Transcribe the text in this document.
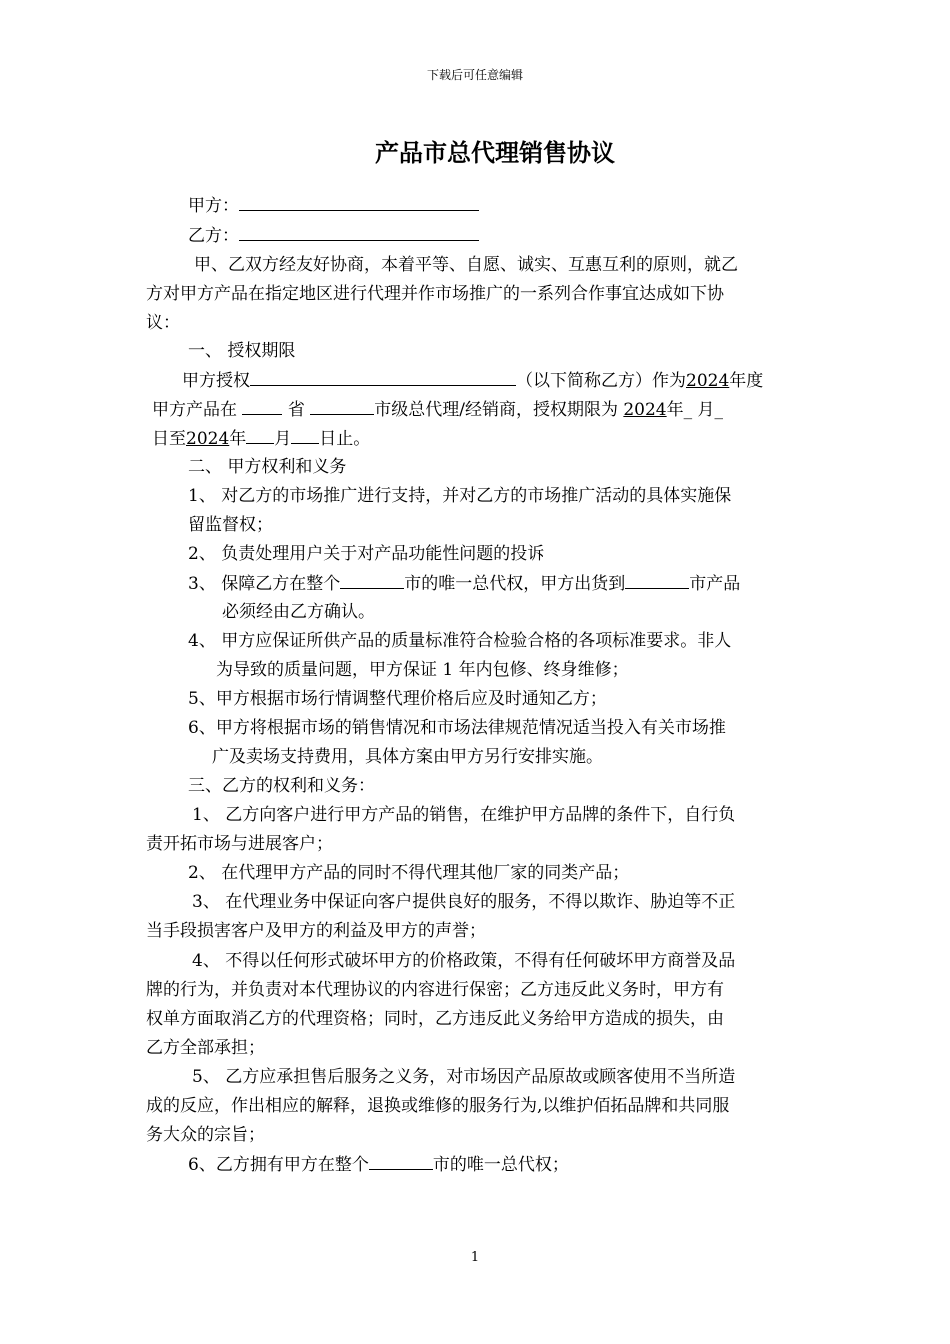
下载后可任意编辑
产品市总代理销售协议
甲方：
乙方：
甲、乙双方经友好协商，本着平等、自愿、诚实、互惠互利的原则，就乙
方对甲方产品在指定地区进行代理并作市场推广的一系列合作事宜达成如下协
议：
一、 授权期限
甲方授权	（以下简称乙方）作为2024年度
甲方产品在	省	市级总代理/经销商，授权期限为 2024年_ 月_
日至2024年 月 日止。
二、 甲方权利和义务
1、 对乙方的市场推广进行支持，并对乙方的市场推广活动的具体实施保
留监督权；
2、 负责处理用户关于对产品功能性问题的投诉
3、 保障乙方在整个	市的唯一总代权，甲方出货到	市产品
必须经由乙方确认。
4、 甲方应保证所供产品的质量标准符合检验合格的各项标准要求。非人
为导致的质量问题，甲方保证 1 年内包修、终身维修；
5、甲方根据市场行情调整代理价格后应及时通知乙方；
6、甲方将根据市场的销售情况和市场法律规范情况适当投入有关市场推
广及卖场支持费用，具体方案由甲方另行安排实施。
三、乙方的权利和义务：
1、 乙方向客户进行甲方产品的销售，在维护甲方品牌的条件下，自行负
责开拓市场与进展客户；
2、 在代理甲方产品的同时不得代理其他厂家的同类产品；
3、 在代理业务中保证向客户提供良好的服务，不得以欺诈、胁迫等不正
当手段损害客户及甲方的利益及甲方的声誉；
4、 不得以任何形式破坏甲方的价格政策，不得有任何破坏甲方商誉及品
牌的行为，并负责对本代理协议的内容进行保密；乙方违反此义务时，甲方有
权单方面取消乙方的代理资格；同时，乙方违反此义务给甲方造成的损失，由
乙方全部承担；
5、 乙方应承担售后服务之义务，对市场因产品原故或顾客使用不当所造
成的反应，作出相应的解释，退换或维修的服务行为,以维护佰拓品牌和共同服
务大众的宗旨；
6、乙方拥有甲方在整个	市的唯一总代权；
1
